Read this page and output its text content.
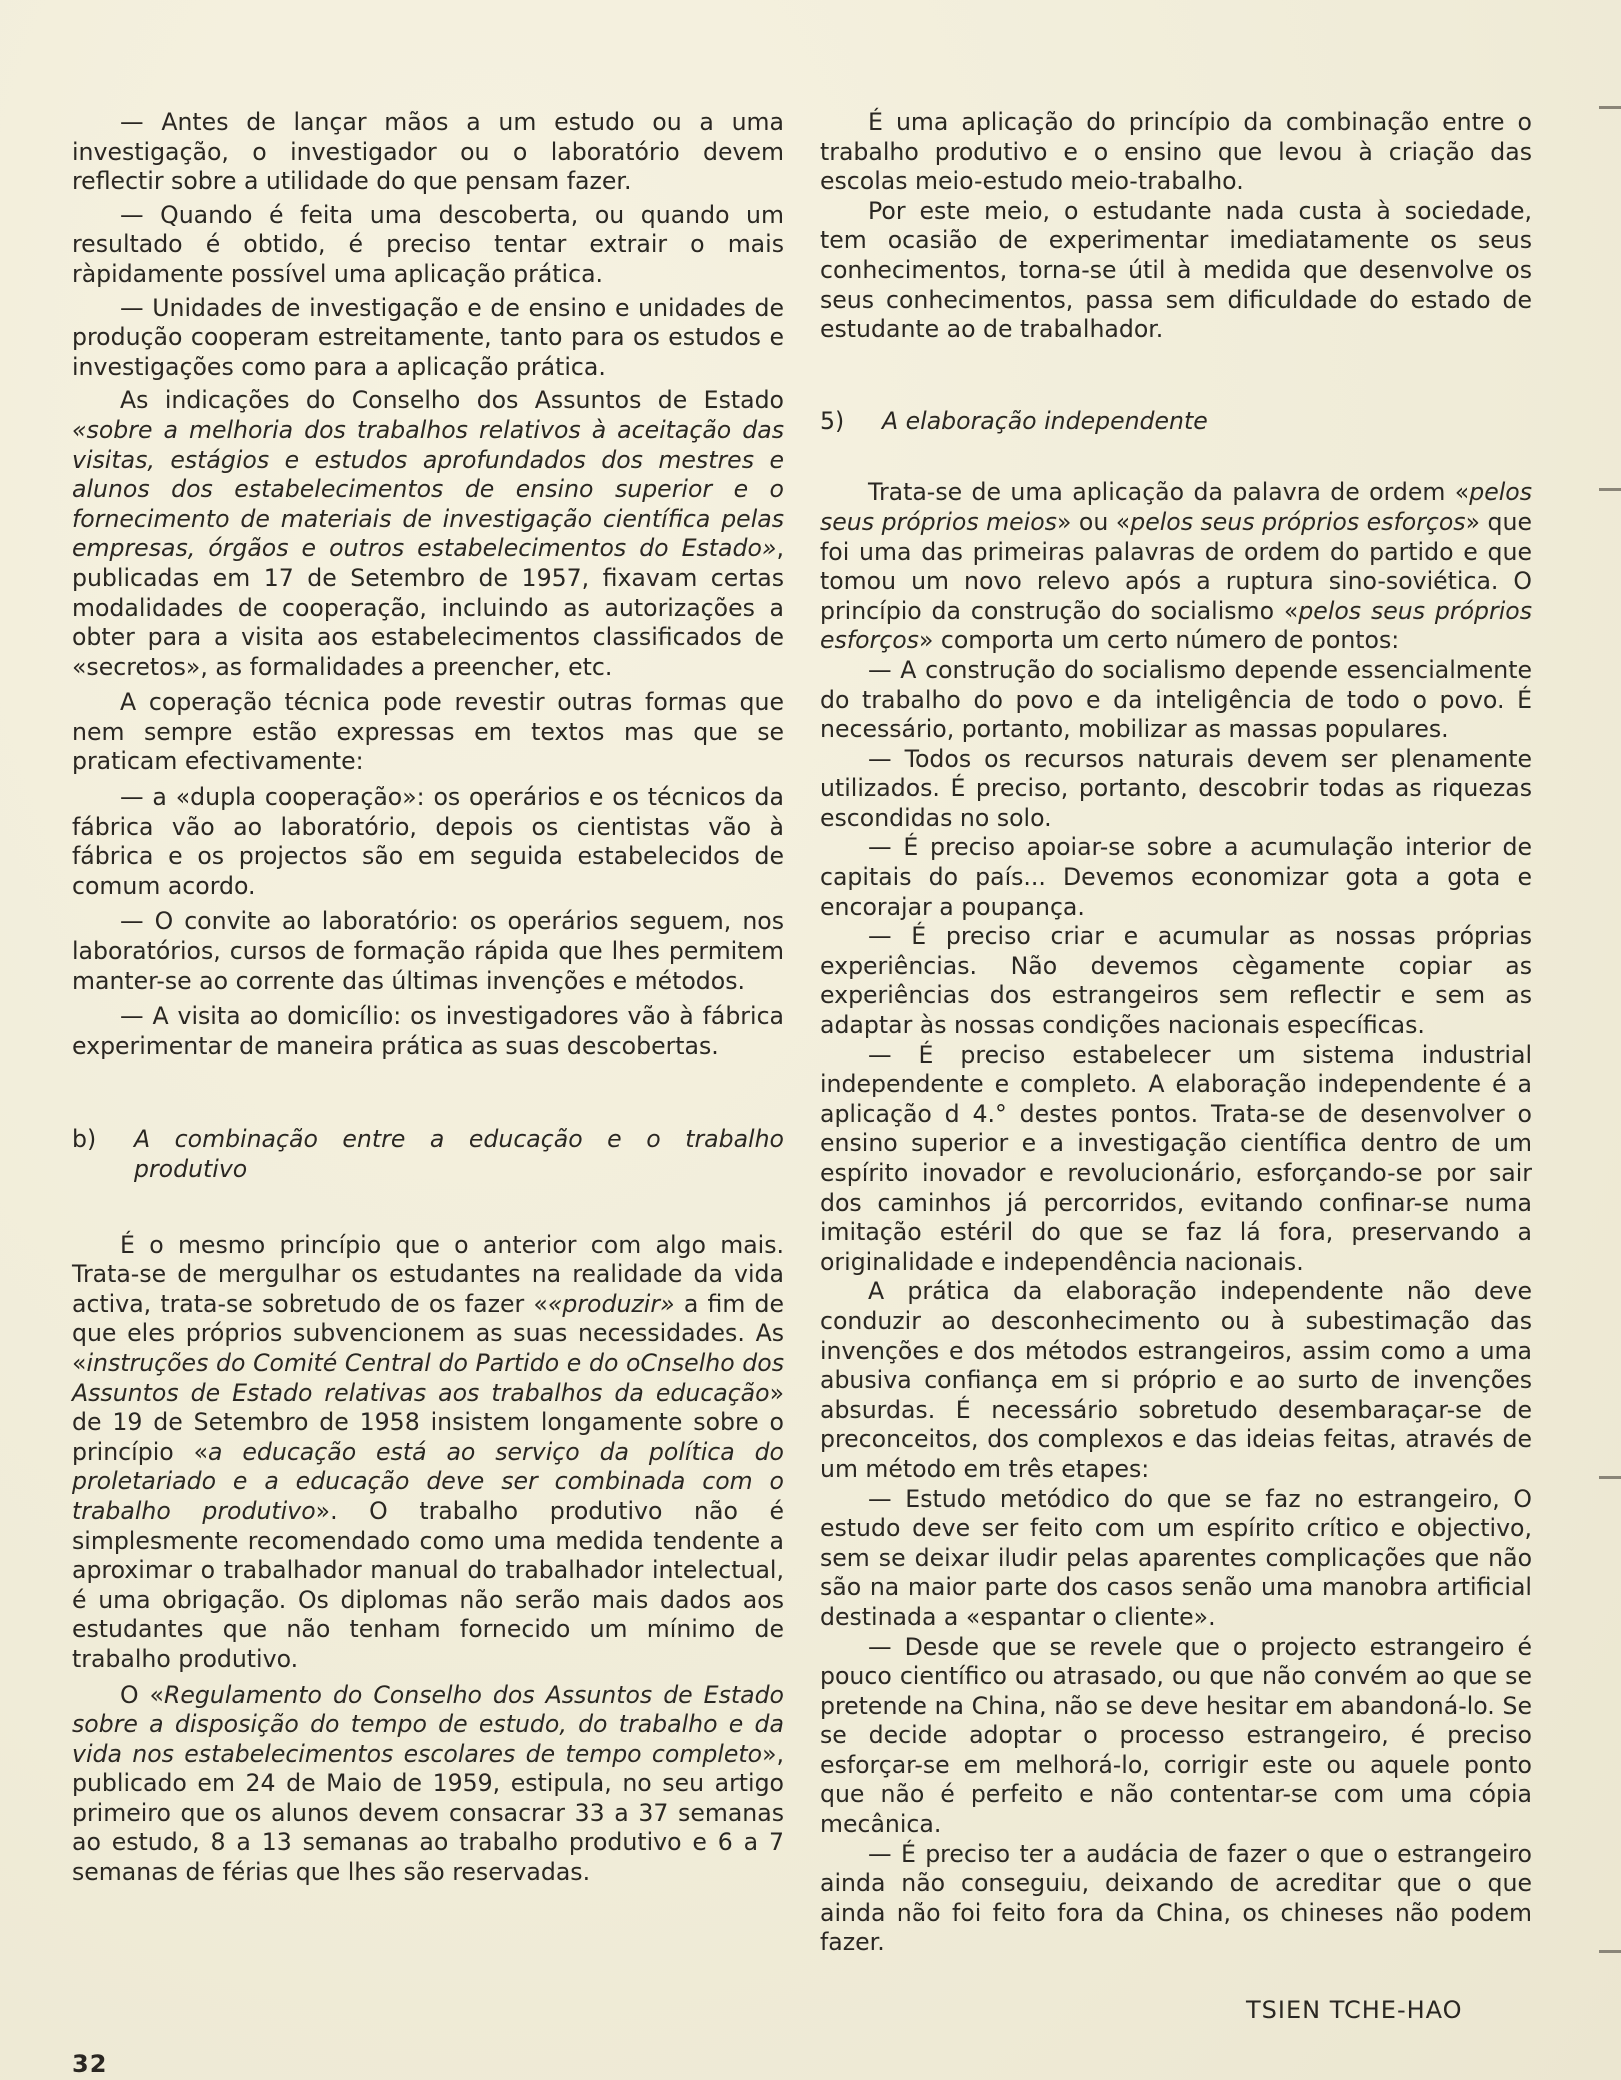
— Antes de lançar mãos a um estudo ou a uma investigação, o investigador ou o laboratório devem reflectir sobre a utilidade do que pensam fazer.

— Quando é feita uma descoberta, ou quando um resultado é obtido, é preciso tentar extrair o mais ràpidamente possível uma aplicação prática.

— Unidades de investigação e de ensino e unidades de produção cooperam estreitamente, tanto para os estudos e investigações como para a aplicação prática.

As indicações do Conselho dos Assuntos de Estado «sobre a melhoria dos trabalhos relativos à aceitação das visitas, estágios e estudos aprofundados dos mestres e alunos dos estabelecimentos de ensino superior e o fornecimento de materiais de investigação científica pelas empresas, órgãos e outros estabelecimentos do Estado», publicadas em 17 de Setembro de 1957, fixavam certas modalidades de cooperação, incluindo as autorizações a obter para a visita aos estabelecimentos classificados de «secretos», as formalidades a preencher, etc.

A coperação técnica pode revestir outras formas que nem sempre estão expressas em textos mas que se praticam efectivamente:

— a «dupla cooperação»: os operários e os técnicos da fábrica vão ao laboratório, depois os cientistas vão à fábrica e os projectos são em seguida estabelecidos de comum acordo.

— O convite ao laboratório: os operários seguem, nos laboratórios, cursos de formação rápida que lhes permitem manter-se ao corrente das últimas invenções e métodos.

— A visita ao domicílio: os investigadores vão à fábrica experimentar de maneira prática as suas descobertas.

b) A combinação entre a educação e o trabalho produtivo

É o mesmo princípio que o anterior com algo mais. Trata-se de mergulhar os estudantes na realidade da vida activa, trata-se sobretudo de os fazer ««produzir» a fim de que eles próprios subvencionem as suas necessidades. As «instruções do Comité Central do Partido e do oCnselho dos Assuntos de Estado relativas aos trabalhos da educação» de 19 de Setembro de 1958 insistem longamente sobre o princípio «a educação está ao serviço da política do proletariado e a educação deve ser combinada com o trabalho produtivo». O trabalho produtivo não é simplesmente recomendado como uma medida tendente a aproximar o trabalhador manual do trabalhador intelectual, é uma obrigação. Os diplomas não serão mais dados aos estudantes que não tenham fornecido um mínimo de trabalho produtivo.

O «Regulamento do Conselho dos Assuntos de Estado sobre a disposição do tempo de estudo, do trabalho e da vida nos estabelecimentos escolares de tempo completo», publicado em 24 de Maio de 1959, estipula, no seu artigo primeiro que os alunos devem consacrar 33 a 37 semanas ao estudo, 8 a 13 semanas ao trabalho produtivo e 6 a 7 semanas de férias que lhes são reservadas.

É uma aplicação do princípio da combinação entre o trabalho produtivo e o ensino que levou à criação das escolas meio-estudo meio-trabalho.

Por este meio, o estudante nada custa à sociedade, tem ocasião de experimentar imediatamente os seus conhecimentos, torna-se útil à medida que desenvolve os seus conhecimentos, passa sem dificuldade do estado de estudante ao de trabalhador.

5) A elaboração independente

Trata-se de uma aplicação da palavra de ordem «pelos seus próprios meios» ou «pelos seus próprios esforços» que foi uma das primeiras palavras de ordem do partido e que tomou um novo relevo após a ruptura sino-soviética. O princípio da construção do socialismo «pelos seus próprios esforços» comporta um certo número de pontos:

— A construção do socialismo depende essencialmente do trabalho do povo e da inteligência de todo o povo. É necessário, portanto, mobilizar as massas populares.

— Todos os recursos naturais devem ser plenamente utilizados. É preciso, portanto, descobrir todas as riquezas escondidas no solo.

— É preciso apoiar-se sobre a acumulação interior de capitais do país... Devemos economizar gota a gota e encorajar a poupança.

— É preciso criar e acumular as nossas próprias experiências. Não devemos cègamente copiar as experiências dos estrangeiros sem reflectir e sem as adaptar às nossas condições nacionais específicas.

— É preciso estabelecer um sistema industrial independente e completo. A elaboração independente é a aplicação d 4.° destes pontos. Trata-se de desenvolver o ensino superior e a investigação científica dentro de um espírito inovador e revolucionário, esforçando-se por sair dos caminhos já percorridos, evitando confinar-se numa imitação estéril do que se faz lá fora, preservando a originalidade e independência nacionais.

A prática da elaboração independente não deve conduzir ao desconhecimento ou à subestimação das invenções e dos métodos estrangeiros, assim como a uma abusiva confiança em si próprio e ao surto de invenções absurdas. É necessário sobretudo desembaraçar-se de preconceitos, dos complexos e das ideias feitas, através de um método em três etapes:

— Estudo metódico do que se faz no estrangeiro, O estudo deve ser feito com um espírito crítico e objectivo, sem se deixar iludir pelas aparentes complicações que não são na maior parte dos casos senão uma manobra artificial destinada a «espantar o cliente».

— Desde que se revele que o projecto estrangeiro é pouco científico ou atrasado, ou que não convém ao que se pretende na China, não se deve hesitar em abandoná-lo. Se se decide adoptar o processo estrangeiro, é preciso esforçar-se em melhorá-lo, corrigir este ou aquele ponto que não é perfeito e não contentar-se com uma cópia mecânica.

— É preciso ter a audácia de fazer o que o estrangeiro ainda não conseguiu, deixando de acreditar que o que ainda não foi feito fora da China, os chineses não podem fazer.

TSIEN TCHE-HAO
32
